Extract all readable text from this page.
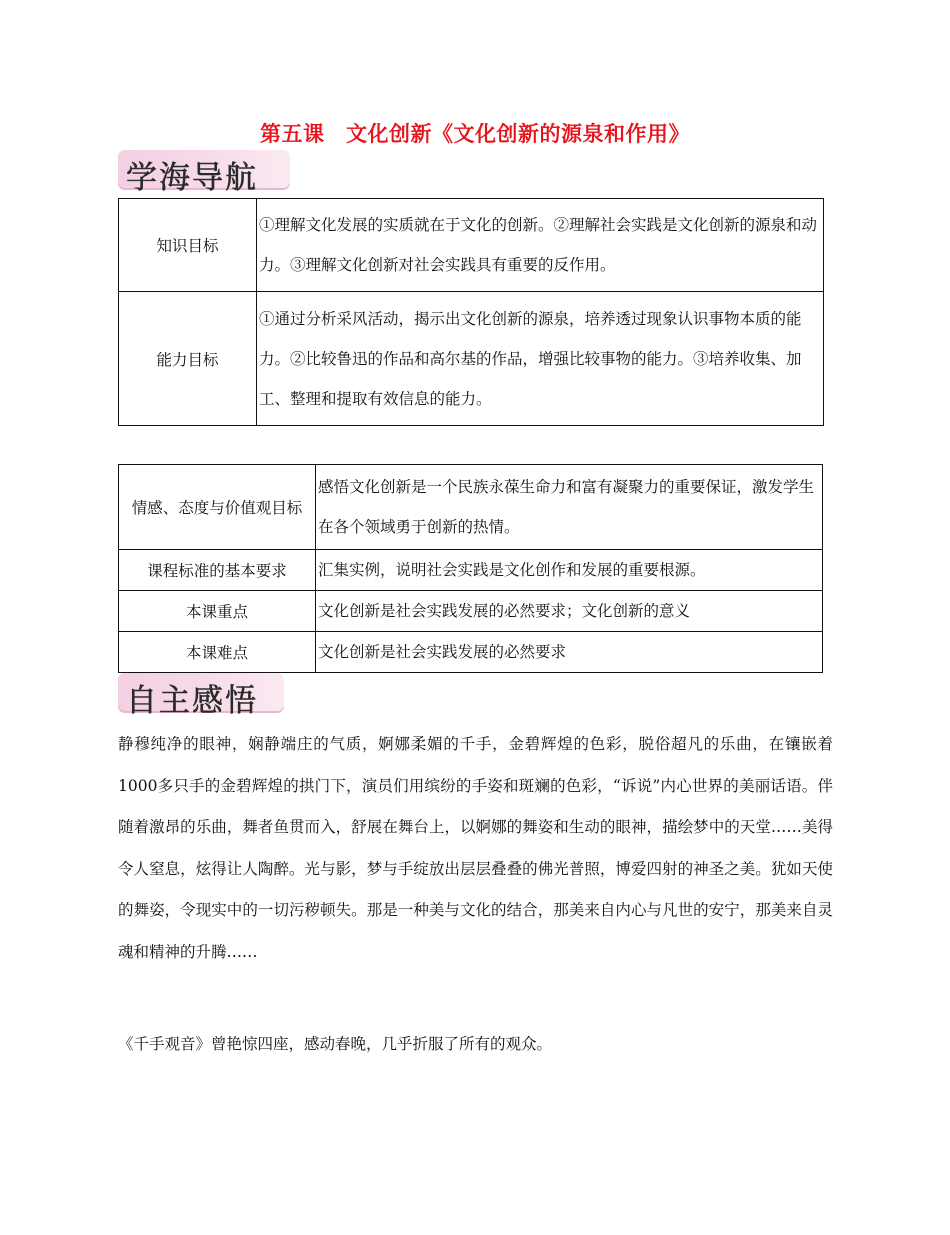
第五课　文化创新《文化创新的源泉和作用》
学海导航
知识目标	①理解文化发展的实质就在于文化的创新。②理解社会实践是文化创新的源泉和动力。③理解文化创新对社会实践具有重要的反作用。
能力目标	①通过分析采风活动，揭示出文化创新的源泉，培养透过现象认识事物本质的能力。②比较鲁迅的作品和高尔基的作品，增强比较事物的能力。③培养收集、加工、整理和提取有效信息的能力。
情感、态度与价值观目标	感悟文化创新是一个民族永葆生命力和富有凝聚力的重要保证，激发学生在各个领域勇于创新的热情。
课程标准的基本要求	汇集实例，说明社会实践是文化创作和发展的重要根源。
本课重点	文化创新是社会实践发展的必然要求；文化创新的意义
本课难点	文化创新是社会实践发展的必然要求
自主感悟

静穆纯净的眼神，娴静端庄的气质，婀娜柔媚的千手，金碧辉煌的色彩，脱俗超凡的乐曲，在镶嵌着1000多只手的金碧辉煌的拱门下，演员们用缤纷的手姿和斑斓的色彩，“诉说”内心世界的美丽话语。伴随着激昂的乐曲，舞者鱼贯而入，舒展在舞台上，以婀娜的舞姿和生动的眼神，描绘梦中的天堂……美得令人窒息，炫得让人陶醉。光与影，梦与手绽放出层层叠叠的佛光普照，博爱四射的神圣之美。犹如天使的舞姿，令现实中的一切污秽顿失。那是一种美与文化的结合，那美来自内心与凡世的安宁，那美来自灵魂和精神的升腾……

《千手观音》曾艳惊四座，感动春晚，几乎折服了所有的观众。
